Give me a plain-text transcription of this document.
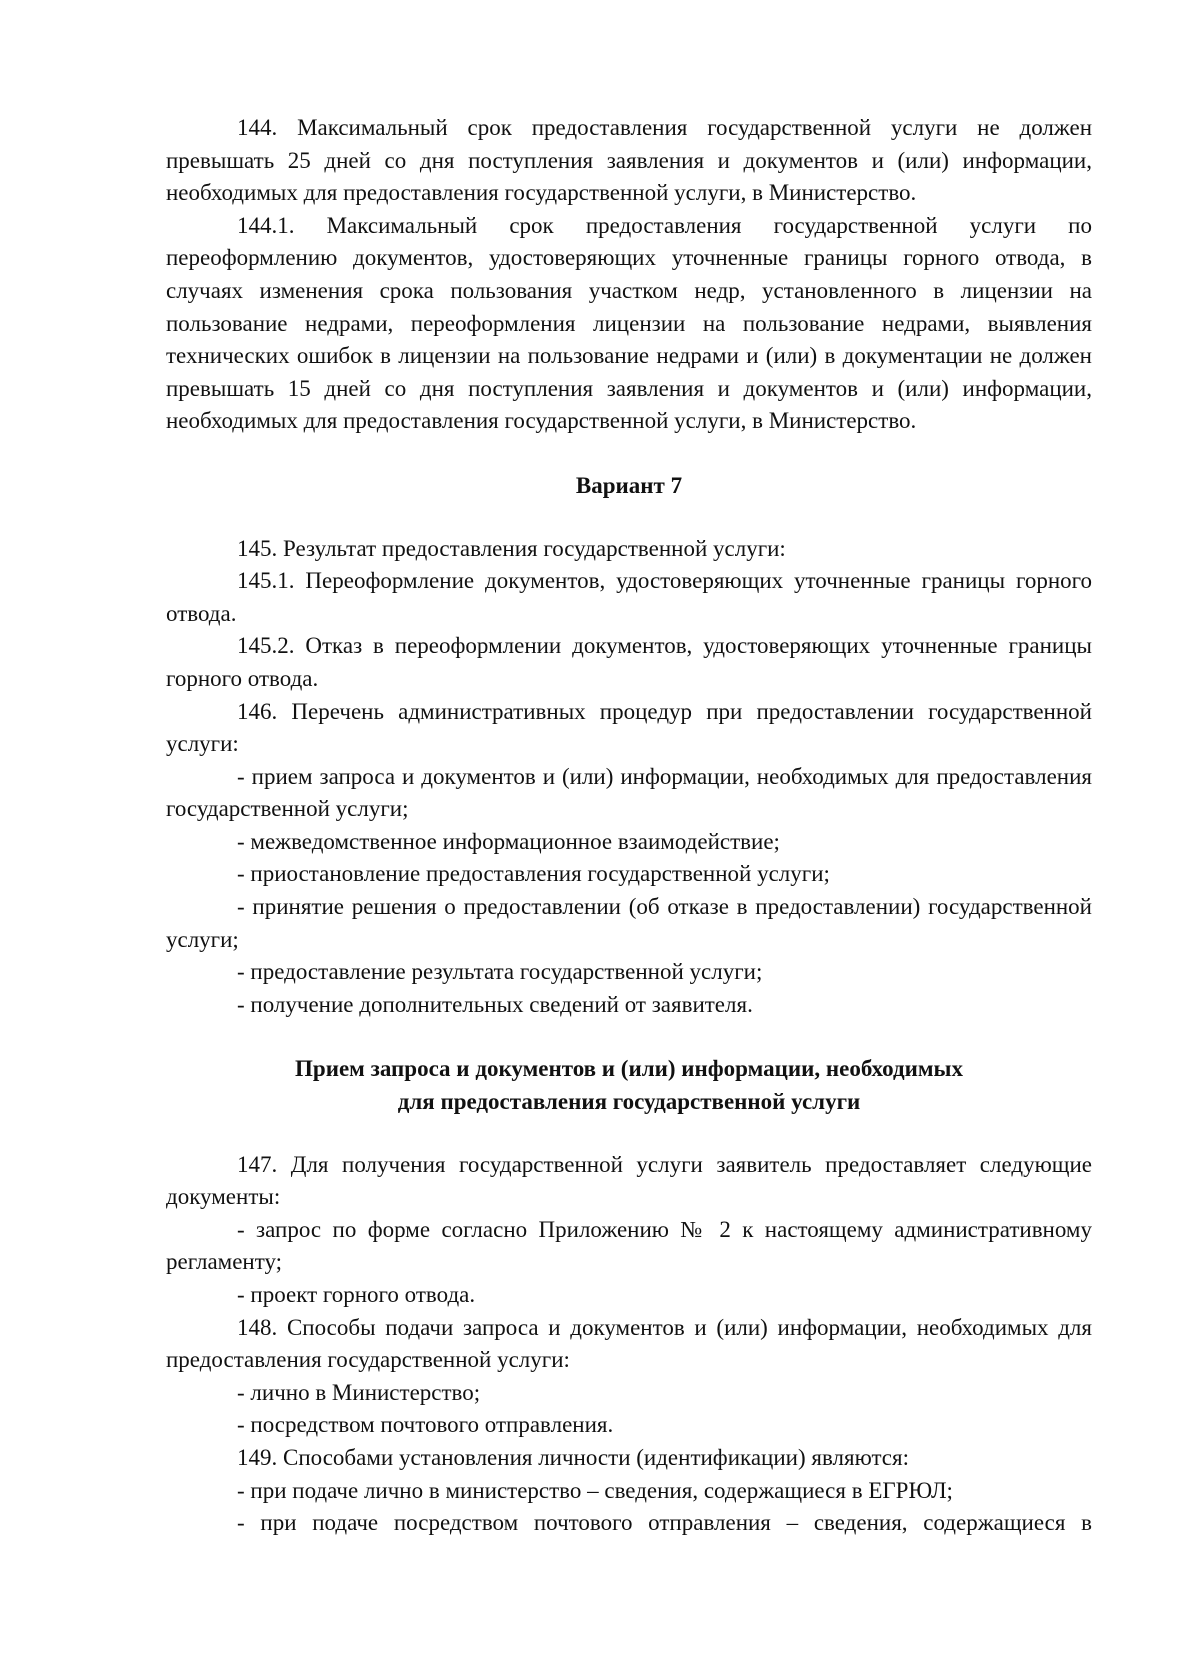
144. Максимальный срок предоставления государственной услуги не должен превышать 25 дней со дня поступления заявления и документов и (или) информации, необходимых для предоставления государственной услуги, в Министерство.

144.1. Максимальный срок предоставления государственной услуги по переоформлению документов, удостоверяющих уточненные границы горного отвода, в случаях изменения срока пользования участком недр, установленного в лицензии на пользование недрами, переоформления лицензии на пользование недрами, выявления технических ошибок в лицензии на пользование недрами и (или) в документации не должен превышать 15 дней со дня поступления заявления и документов и (или) информации, необходимых для предоставления государственной услуги, в Министерство.

Вариант 7

145. Результат предоставления государственной услуги:

145.1. Переоформление документов, удостоверяющих уточненные границы горного отвода.

145.2. Отказ в переоформлении документов, удостоверяющих уточненные границы горного отвода.

146. Перечень административных процедур при предоставлении государственной услуги:

- прием запроса и документов и (или) информации, необходимых для предоставления государственной услуги;

- межведомственное информационное взаимодействие;

- приостановление предоставления государственной услуги;

- принятие решения о предоставлении (об отказе в предоставлении) государственной услуги;

- предоставление результата государственной услуги;

- получение дополнительных сведений от заявителя.

Прием запроса и документов и (или) информации, необходимых

для предоставления государственной услуги

147. Для получения государственной услуги заявитель предоставляет следующие документы:

- запрос по форме согласно Приложению № 2 к настоящему административному регламенту;

- проект горного отвода.

148. Способы подачи запроса и документов и (или) информации, необходимых для предоставления государственной услуги:

- лично в Министерство;

- посредством почтового отправления.

149. Способами установления личности (идентификации) являются:

- при подаче лично в министерство – сведения, содержащиеся в ЕГРЮЛ;

- при подаче посредством почтового отправления – сведения, содержащиеся в
